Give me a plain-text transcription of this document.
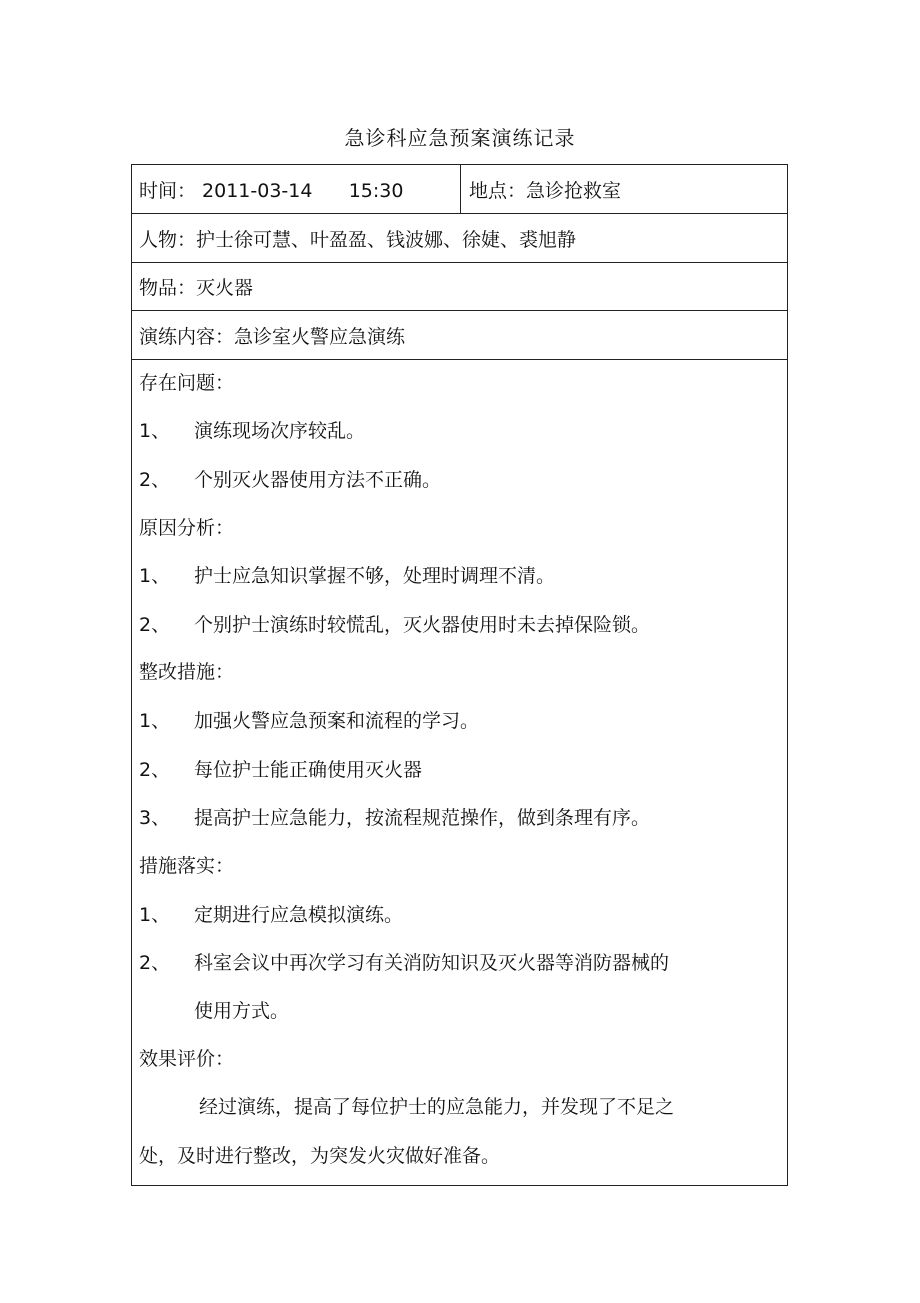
急诊科应急预案演练记录
时间： 2011-03-14      15:30	地点：急诊抢救室
人物：护士徐可慧、叶盈盈、钱波娜、徐婕、裘旭静
物品：灭火器
演练内容：急诊室火警应急演练
存在问题：
1、 演练现场次序较乱。
2、 个别灭火器使用方法不正确。
原因分析：
1、 护士应急知识掌握不够，处理时调理不清。
2、 个别护士演练时较慌乱，灭火器使用时未去掉保险锁。
整改措施：
1、 加强火警应急预案和流程的学习。
2、 每位护士能正确使用灭火器
3、 提高护士应急能力，按流程规范操作，做到条理有序。
措施落实：
1、 定期进行应急模拟演练。
2、 科室会议中再次学习有关消防知识及灭火器等消防器械的
使用方式。
效果评价：
经过演练，提高了每位护士的应急能力，并发现了不足之
处，及时进行整改，为突发火灾做好准备。
